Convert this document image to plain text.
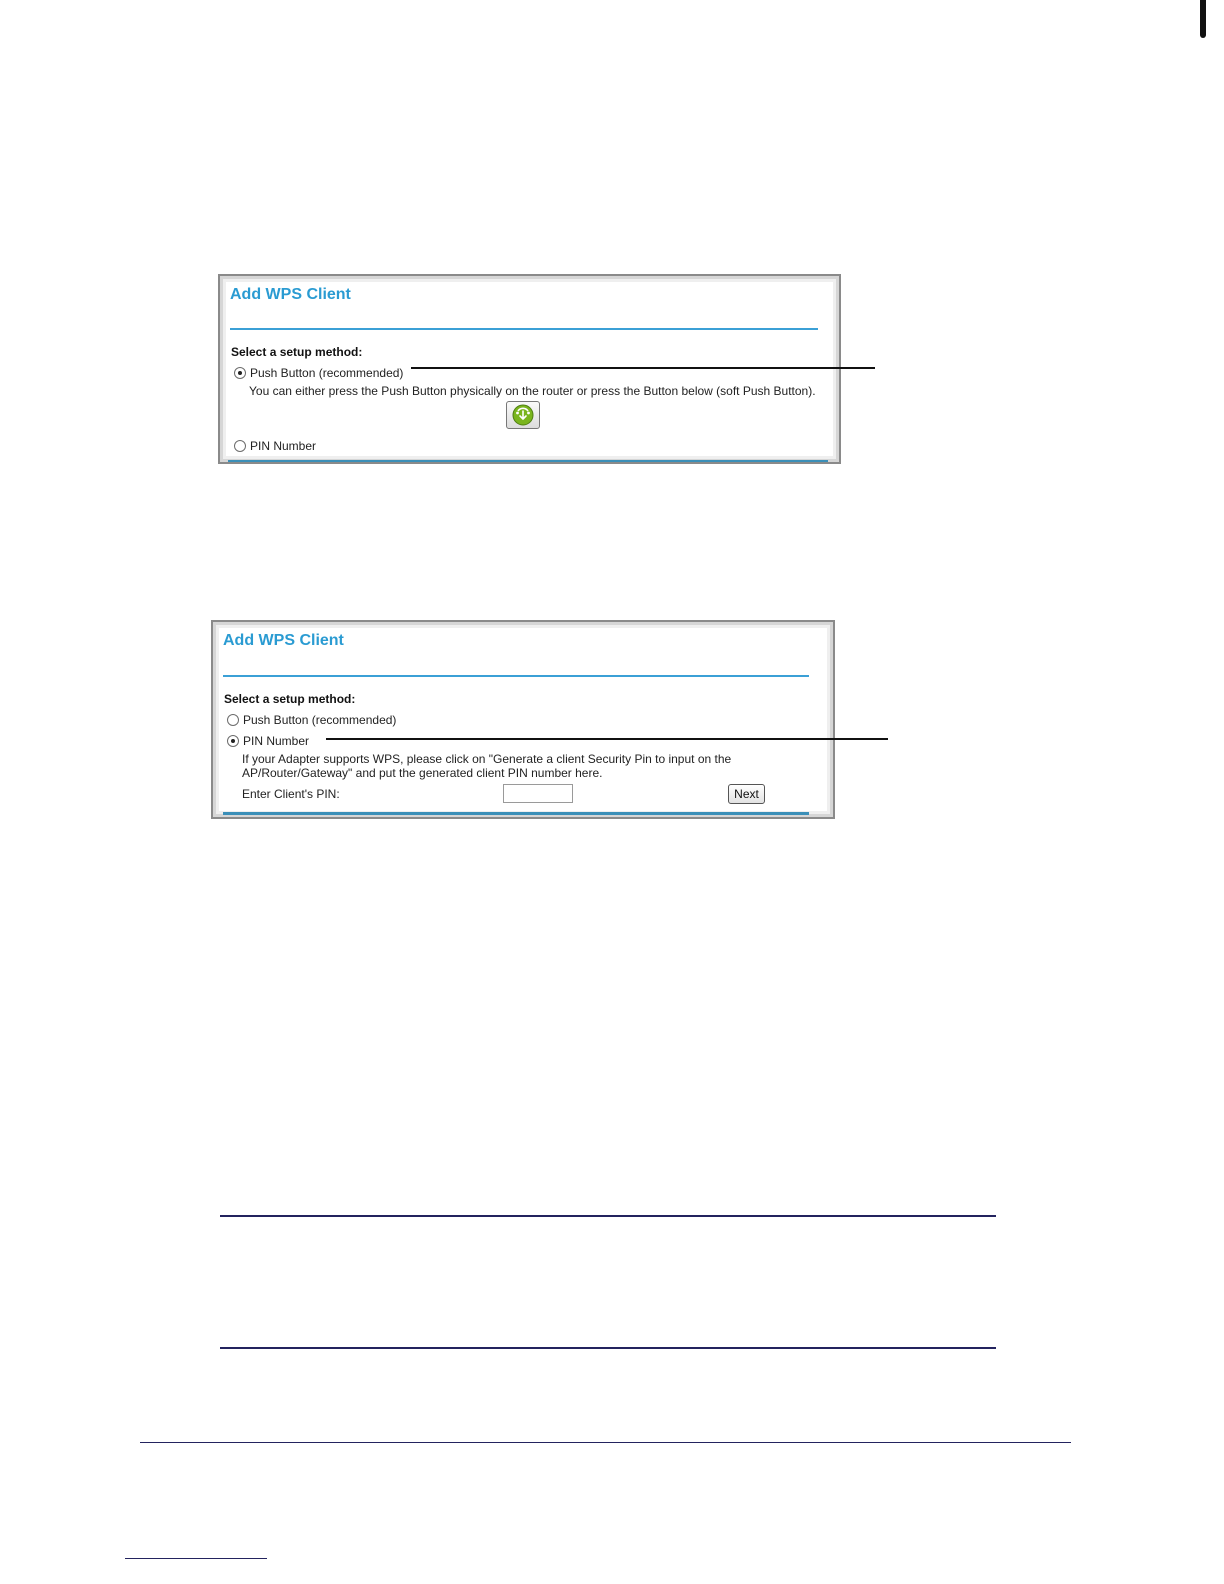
Add WPS Client
Select a setup method:
Push Button (recommended)
You can either press the Push Button physically on the router or press the Button below (soft Push Button).
PIN Number
Add WPS Client
Select a setup method:
Push Button (recommended)
PIN Number
If your Adapter supports WPS, please click on "Generate a client Security Pin to input on the
AP/Router/Gateway" and put the generated client PIN number here.
Enter Client's PIN:	Next
